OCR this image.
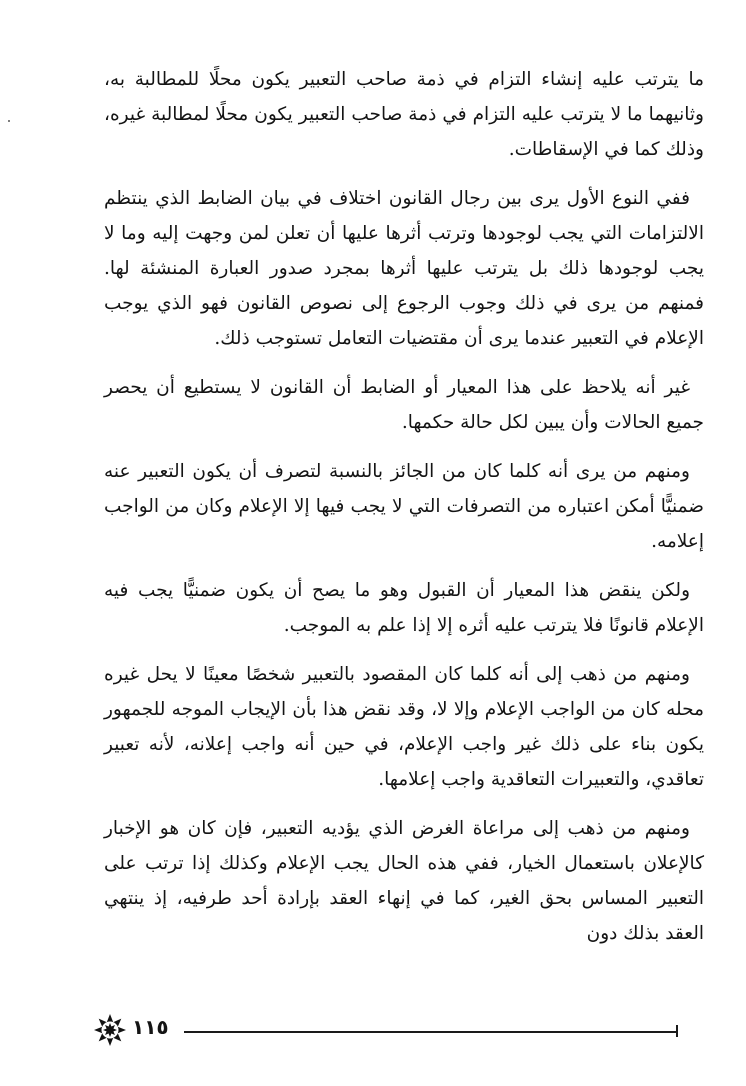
ما يترتب عليه إنشاء التزام في ذمة صاحب التعبير يكون محلًا للمطالبة به، وثانيهما ما لا يترتب عليه التزام في ذمة صاحب التعبير يكون محلًا لمطالبة غيره، وذلك كما في الإسقاطات.

ففي النوع الأول يرى بين رجال القانون اختلاف في بيان الضابط الذي ينتظم الالتزامات التي يجب لوجودها وترتب أثرها عليها أن تعلن لمن وجهت إليه وما لا يجب لوجودها ذلك بل يترتب عليها أثرها بمجرد صدور العبارة المنشئة لها. فمنهم من يرى في ذلك وجوب الرجوع إلى نصوص القانون فهو الذي يوجب الإعلام في التعبير عندما يرى أن مقتضيات التعامل تستوجب ذلك.

غير أنه يلاحظ على هذا المعيار أو الضابط أن القانون لا يستطيع أن يحصر جميع الحالات وأن يبين لكل حالة حكمها.

ومنهم من يرى أنه كلما كان من الجائز بالنسبة لتصرف أن يكون التعبير عنه ضمنيًّا أمكن اعتباره من التصرفات التي لا يجب فيها إلا الإعلام وكان من الواجب إعلامه.

ولكن ينقض هذا المعيار أن القبول وهو ما يصح أن يكون ضمنيًّا يجب فيه الإعلام قانونًا فلا يترتب عليه أثره إلا إذا علم به الموجب.

ومنهم من ذهب إلى أنه كلما كان المقصود بالتعبير شخصًا معينًا لا يحل غيره محله كان من الواجب الإعلام وإلا لا، وقد نقض هذا بأن الإيجاب الموجه للجمهور يكون بناء على ذلك غير واجب الإعلام، في حين أنه واجب إعلانه، لأنه تعبير تعاقدي، والتعبيرات التعاقدية واجب إعلامها.

ومنهم من ذهب إلى مراعاة الغرض الذي يؤديه التعبير، فإن كان هو الإخبار كالإعلان باستعمال الخيار، ففي هذه الحال يجب الإعلام وكذلك إذا ترتب على التعبير المساس بحق الغير، كما في إنهاء العقد بإرادة أحد طرفيه، إذ ينتهي العقد بذلك دون

١١٥
